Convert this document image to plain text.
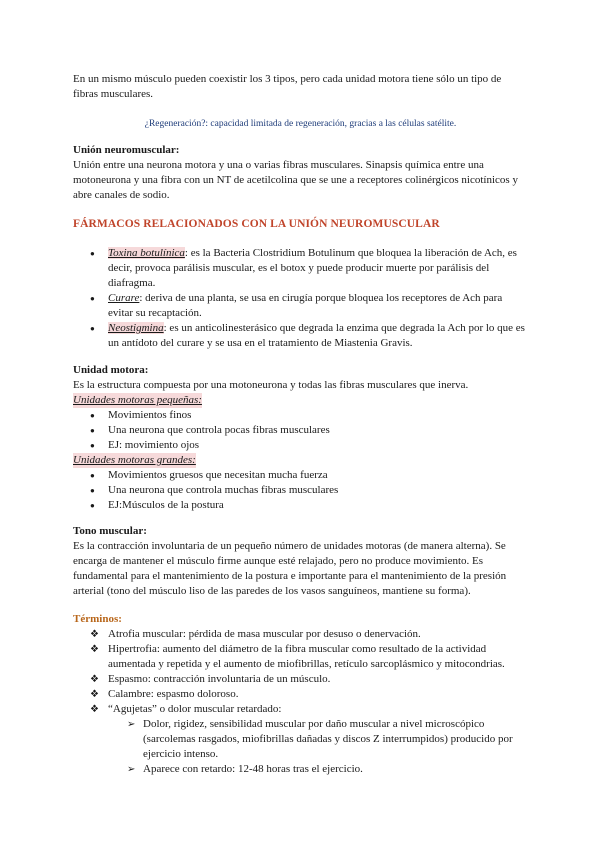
En un mismo músculo pueden coexistir los 3 tipos, pero cada unidad motora tiene sólo un tipo de fibras musculares.

¿Regeneración?: capacidad limitada de regeneración, gracias a las células satélite.

Unión neuromuscular:

Unión entre una neurona motora y una o varias fibras musculares. Sinapsis química entre una motoneurona y una fibra con un NT de acetilcolina que se une a receptores colinérgicos nicotínicos y abre canales de sodio.

FÁRMACOS RELACIONADOS CON LA UNIÓN NEUROMUSCULAR

● Toxina botulínica: es la Bacteria Clostridium Botulinum que bloquea la liberación de Ach, es decir, provoca parálisis muscular, es el botox y puede producir muerte por parálisis del diafragma.
● Curare: deriva de una planta, se usa en cirugía porque bloquea los receptores de Ach para evitar su recaptación.
● Neostigmina: es un anticolinesterásico que degrada la enzima que degrada la Ach por lo que es un antídoto del curare y se usa en el tratamiento de Miastenia Gravis.

Unidad motora:

Es la estructura compuesta por una motoneurona y todas las fibras musculares que inerva.

Unidades motoras pequeñas:

● Movimientos finos
● Una neurona que controla pocas fibras musculares
● EJ: movimiento ojos

Unidades motoras grandes:

● Movimientos gruesos que necesitan mucha fuerza
● Una neurona que controla muchas fibras musculares
● EJ:Músculos de la postura

Tono muscular:

Es la contracción involuntaria de un pequeño número de unidades motoras (de manera alterna). Se encarga de mantener el músculo firme aunque esté relajado, pero no produce movimiento. Es fundamental para el mantenimiento de la postura e importante para el mantenimiento de la presión arterial (tono del músculo liso de las paredes de los vasos sanguíneos, mantiene su forma).

Términos:

❖ Atrofia muscular: pérdida de masa muscular por desuso o denervación.
❖ Hipertrofia: aumento del diámetro de la fibra muscular como resultado de la actividad aumentada y repetida y el aumento de miofibrillas, retículo sarcoplásmico y mitocondrias.
❖ Espasmo: contracción involuntaria de un músculo.
❖ Calambre: espasmo doloroso.
❖ “Agujetas” o dolor muscular retardado:
➢ Dolor, rigidez, sensibilidad muscular por daño muscular a nivel microscópico (sarcolemas rasgados, miofibrillas dañadas y discos Z interrumpidos) producido por ejercicio intenso.
➢ Aparece con retardo: 12-48 horas tras el ejercicio.
